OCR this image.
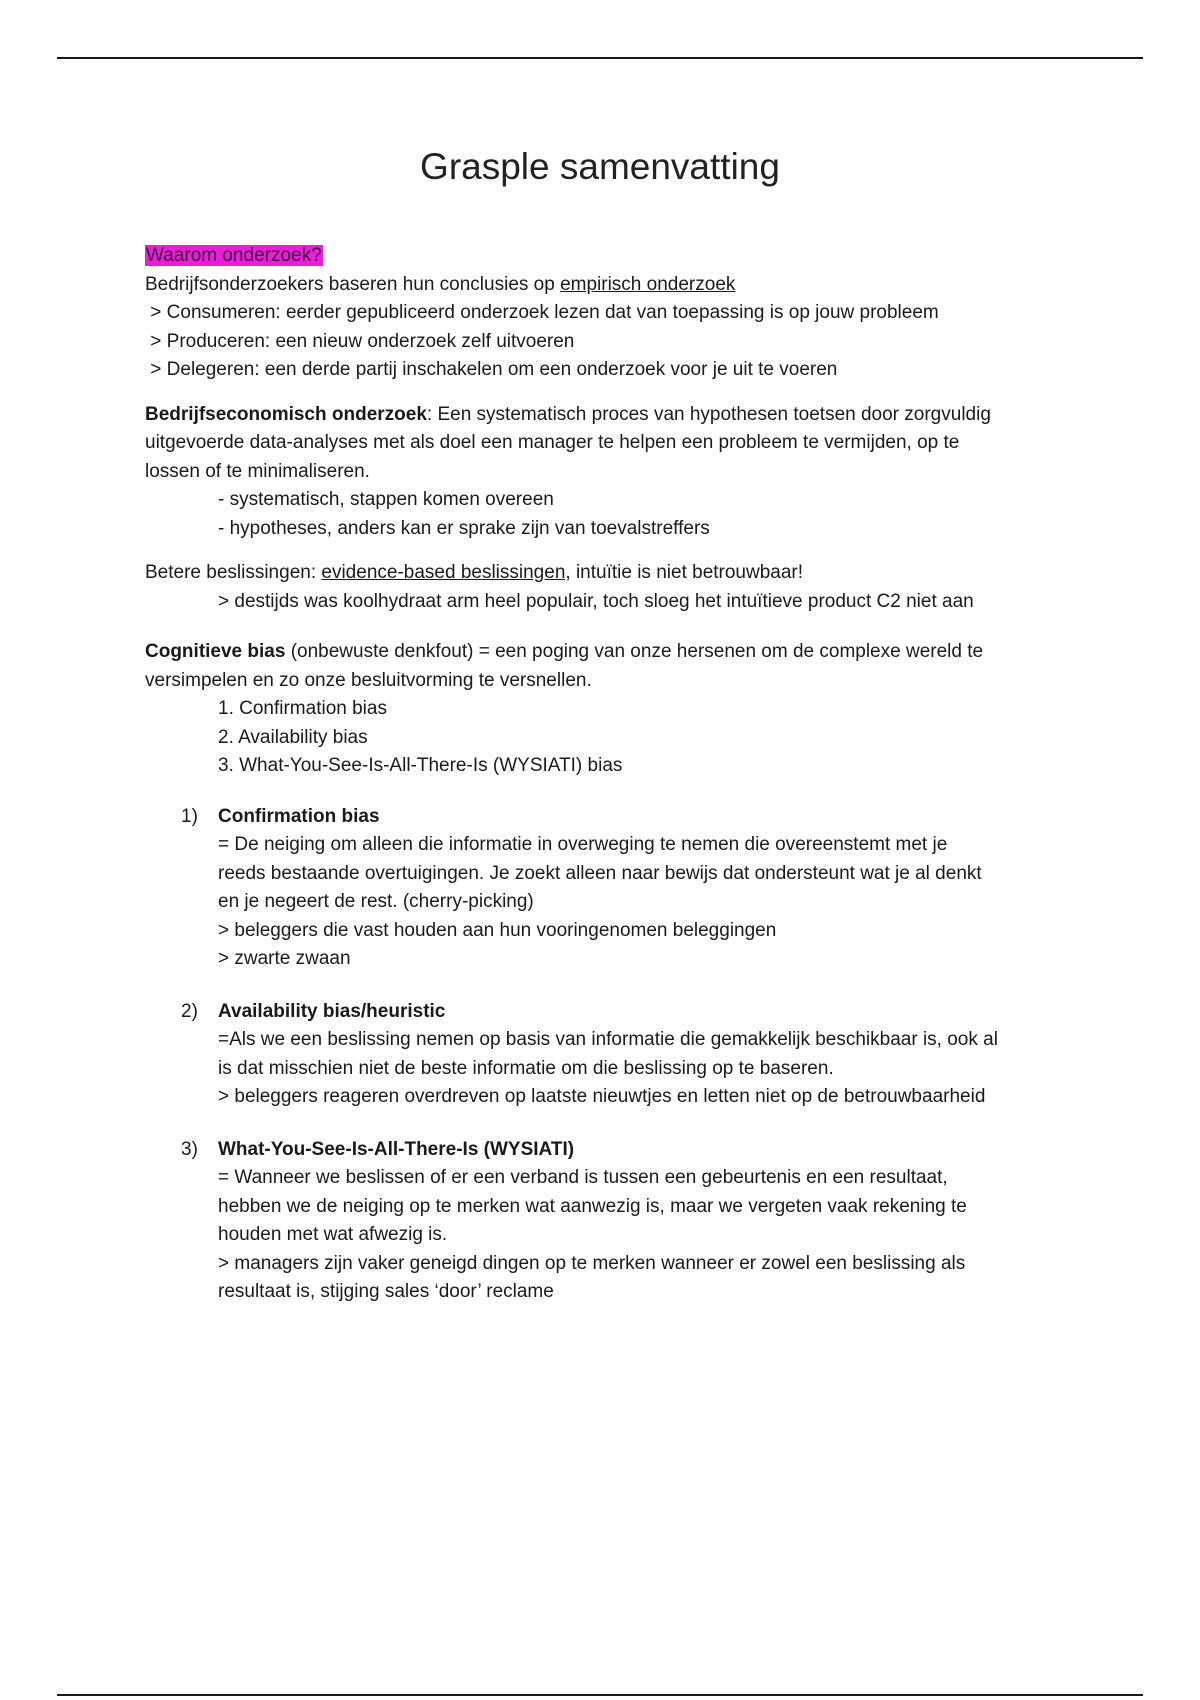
Grasple samenvatting

Waarom onderzoek?

Bedrijfsonderzoekers baseren hun conclusies op empirisch onderzoek

> Consumeren: eerder gepubliceerd onderzoek lezen dat van toepassing is op jouw probleem

> Produceren: een nieuw onderzoek zelf uitvoeren

> Delegeren: een derde partij inschakelen om een onderzoek voor je uit te voeren

Bedrijfseconomisch onderzoek: Een systematisch proces van hypothesen toetsen door zorgvuldig

uitgevoerde data-analyses met als doel een manager te helpen een probleem te vermijden, op te

lossen of te minimaliseren.

- systematisch, stappen komen overeen

- hypotheses, anders kan er sprake zijn van toevalstreffers

Betere beslissingen: evidence-based beslissingen, intuïtie is niet betrouwbaar!

> destijds was koolhydraat arm heel populair, toch sloeg het intuïtieve product C2 niet aan

Cognitieve bias (onbewuste denkfout) = een poging van onze hersenen om de complexe wereld te

versimpelen en zo onze besluitvorming te versnellen.

1. Confirmation bias

2. Availability bias

3. What-You-See-Is-All-There-Is (WYSIATI) bias

1) Confirmation bias
= De neiging om alleen die informatie in overweging te nemen die overeenstemt met je
reeds bestaande overtuigingen. Je zoekt alleen naar bewijs dat ondersteunt wat je al denkt
en je negeert de rest. (cherry-picking)
> beleggers die vast houden aan hun vooringenomen beleggingen
> zwarte zwaan
2) Availability bias/heuristic
=Als we een beslissing nemen op basis van informatie die gemakkelijk beschikbaar is, ook al
is dat misschien niet de beste informatie om die beslissing op te baseren.
> beleggers reageren overdreven op laatste nieuwtjes en letten niet op de betrouwbaarheid
3) What-You-See-Is-All-There-Is (WYSIATI)
= Wanneer we beslissen of er een verband is tussen een gebeurtenis en een resultaat,
hebben we de neiging op te merken wat aanwezig is, maar we vergeten vaak rekening te
houden met wat afwezig is.
> managers zijn vaker geneigd dingen op te merken wanneer er zowel een beslissing als
resultaat is, stijging sales ‘door’ reclame
